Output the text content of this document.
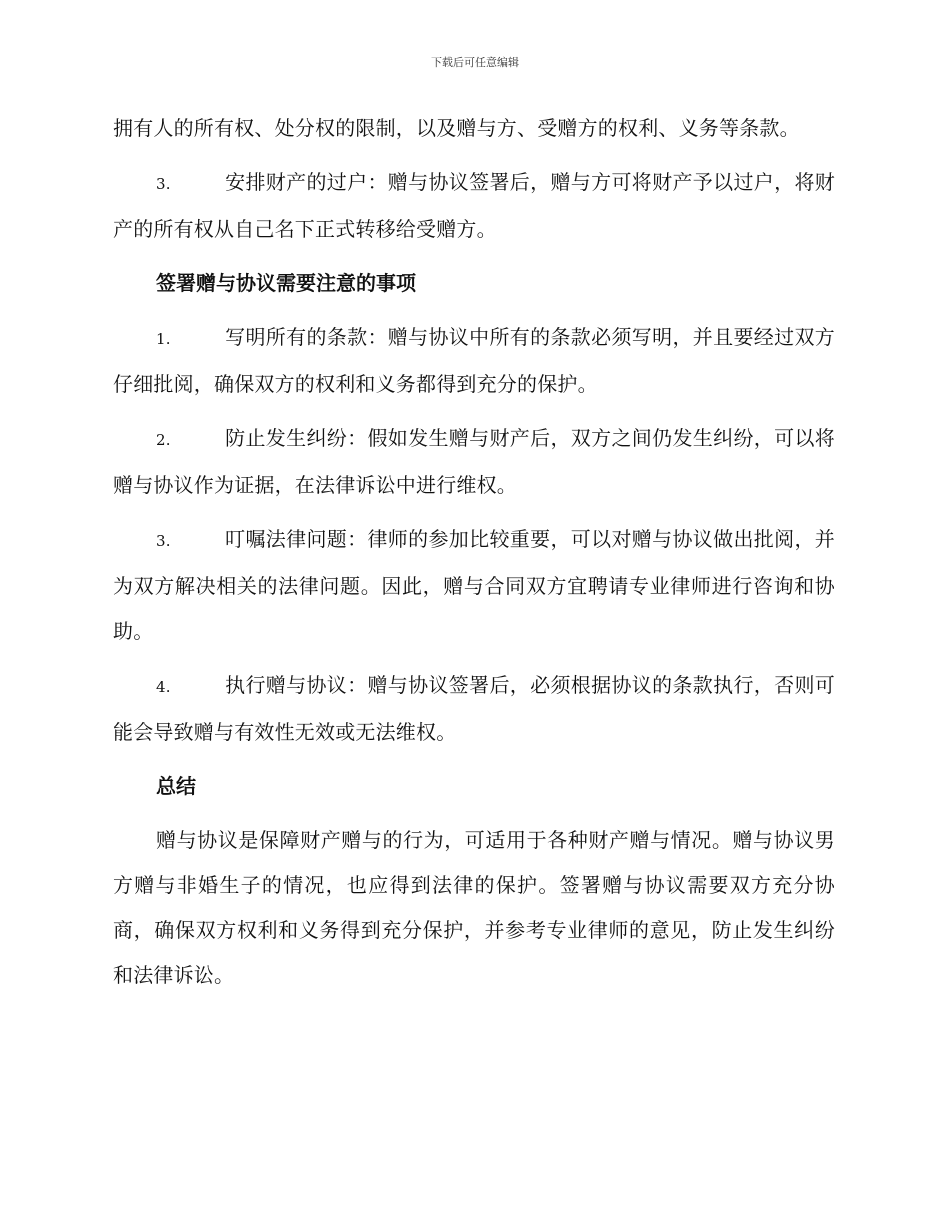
下载后可任意编辑

拥有人的所有权、处分权的限制，以及赠与方、受赠方的权利、义务等条款。

3.	安排财产的过户：赠与协议签署后，赠与方可将财产予以过户，将财产的所有权从自己名下正式转移给受赠方。

签署赠与协议需要注意的事项

1.	写明所有的条款：赠与协议中所有的条款必须写明，并且要经过双方仔细批阅，确保双方的权利和义务都得到充分的保护。

2.	防止发生纠纷：假如发生赠与财产后，双方之间仍发生纠纷，可以将赠与协议作为证据，在法律诉讼中进行维权。

3.	叮嘱法律问题：律师的参加比较重要，可以对赠与协议做出批阅，并为双方解决相关的法律问题。因此，赠与合同双方宜聘请专业律师进行咨询和协助。

4.	执行赠与协议：赠与协议签署后，必须根据协议的条款执行，否则可能会导致赠与有效性无效或无法维权。

总结

赠与协议是保障财产赠与的行为，可适用于各种财产赠与情况。赠与协议男方赠与非婚生子的情况，也应得到法律的保护。签署赠与协议需要双方充分协商，确保双方权利和义务得到充分保护，并参考专业律师的意见，防止发生纠纷和法律诉讼。
